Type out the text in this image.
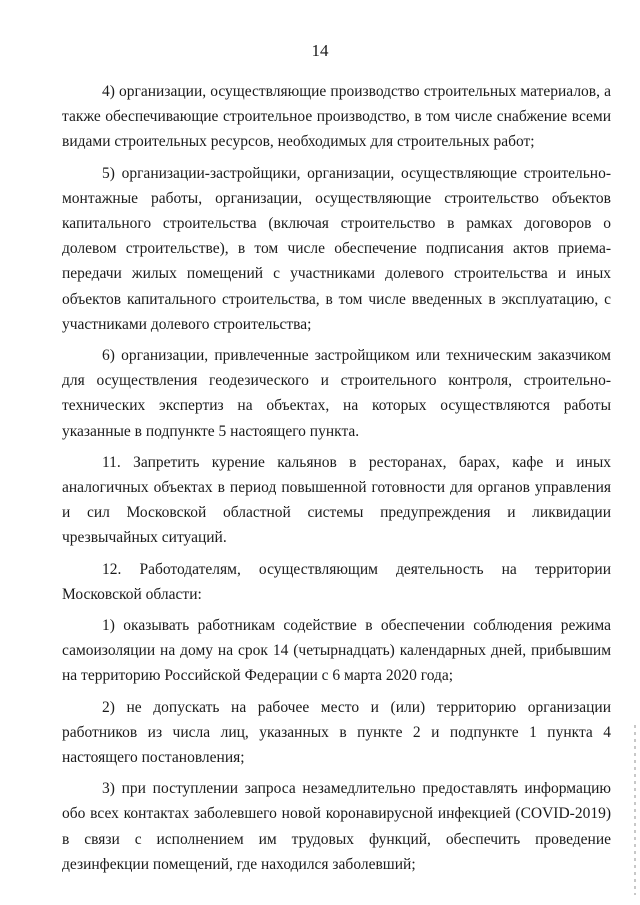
14

4) организации, осуществляющие производство строительных материалов, а также обеспечивающие строительное производство, в том числе снабжение всеми видами строительных ресурсов, необходимых для строительных работ;

5) организации-застройщики, организации, осуществляющие строительно-монтажные работы, организации, осуществляющие строительство объектов капитального строительства (включая строительство в рамках договоров о долевом строительстве), в том числе обеспечение подписания актов приема-передачи жилых помещений с участниками долевого строительства и иных объектов капитального строительства, в том числе введенных в эксплуатацию, с участниками долевого строительства;

6) организации, привлеченные застройщиком или техническим заказчиком для осуществления геодезического и строительного контроля, строительно-технических экспертиз на объектах, на которых осуществляются работы указанные в подпункте 5 настоящего пункта.

11. Запретить курение кальянов в ресторанах, барах, кафе и иных аналогичных объектах в период повышенной готовности для органов управления и сил Московской областной системы предупреждения и ликвидации чрезвычайных ситуаций.

12. Работодателям, осуществляющим деятельность на территории Московской области:

1) оказывать работникам содействие в обеспечении соблюдения режима самоизоляции на дому на срок 14 (четырнадцать) календарных дней, прибывшим на территорию Российской Федерации с 6 марта 2020 года;

2) не допускать на рабочее место и (или) территорию организации работников из числа лиц, указанных в пункте 2 и подпункте 1 пункта 4 настоящего постановления;

3) при поступлении запроса незамедлительно предоставлять информацию обо всех контактах заболевшего новой коронавирусной инфекцией (COVID-2019) в связи с исполнением им трудовых функций, обеспечить проведение дезинфекции помещений, где находился заболевший;
